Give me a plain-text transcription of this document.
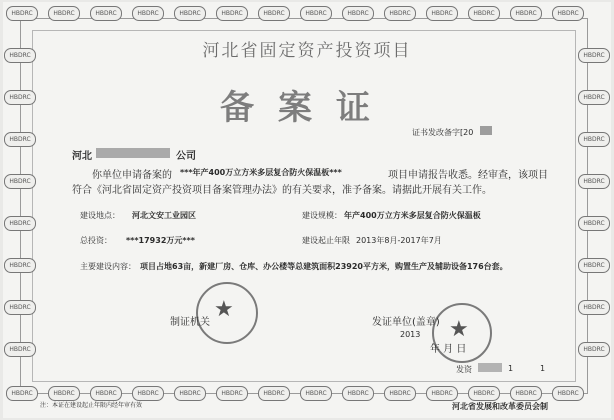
HBDRC
HBDRC
HBDRC
HBDRC
HBDRC
HBDRC
HBDRC
HBDRC
HBDRC
HBDRC
HBDRC
HBDRC
HBDRC
HBDRC
HBDRC
HBDRC
HBDRC
HBDRC
HBDRC
HBDRC
HBDRC
HBDRC
HBDRC
HBDRC
HBDRC
HBDRC
HBDRC
HBDRC
HBDRC	HBDRC
HBDRC	HBDRC
HBDRC	HBDRC
HBDRC	HBDRC
HBDRC	HBDRC
HBDRC	HBDRC
HBDRC	HBDRC
HBDRC	HBDRC
河北省固定资产投资项目
备案证
证书发改备字[20
河北	公司
你单位申请备案的 ***年产400万立方米多层复合防火保温板***	项目申请报告收悉。经审查，该项目
符合《河北省固定资产投资项目备案管理办法》的有关要求，准予备案。请据此开展有关工作。
建设地点： 河北文安工业园区	建设规模： 年产400万立方米多层复合防火保温板
总投资： ***17932万元***	建设起止年限 2013年8月-2017年7月
主要建设内容： 项目占地63亩，新建厂房、仓库、办公楼等总建筑面积23920平方米，购置生产及辅助设备176台套。
★
制证机关	★
发证单位(盖章)
2013
年 月 日
发资	1	1
注：本证在建设起止年限内经年审有效	河北省发展和改革委员会制
